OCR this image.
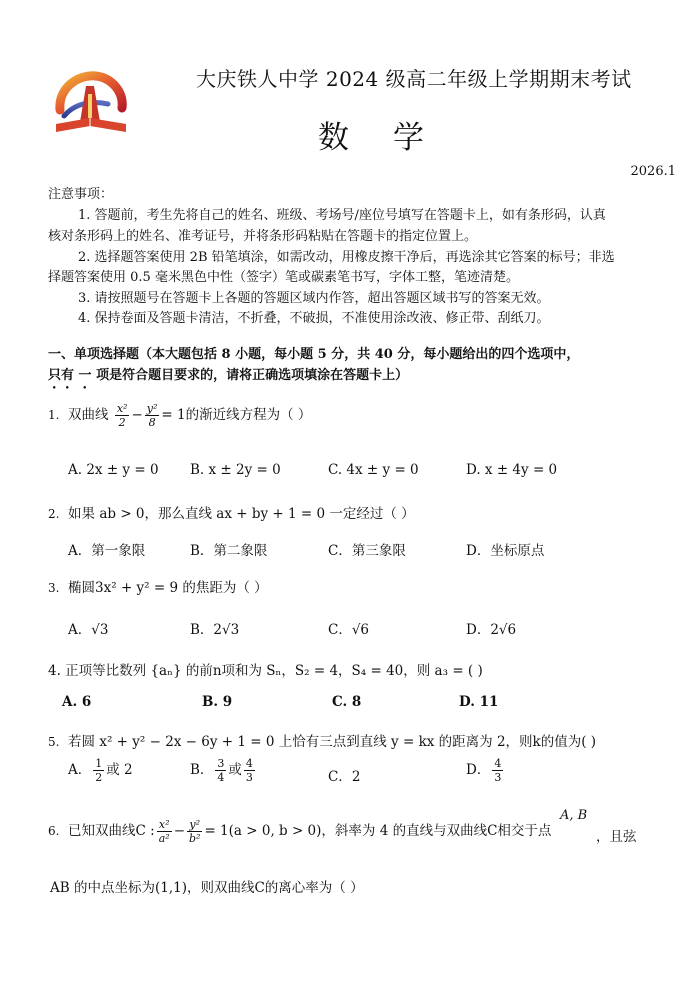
大庆铁人中学 2024 级高二年级上学期期末考试
数学
2026.1
注意事项：
1. 答题前，考生先将自己的姓名、班级、考场号/座位号填写在答题卡上，如有条形码，认真
核对条形码上的姓名、准考证号，并将条形码粘贴在答题卡的指定位置上。
2. 选择题答案使用 2B 铅笔填涂，如需改动，用橡皮擦干净后，再选涂其它答案的标号；非选
择题答案使用 0.5 毫米黑色中性（签字）笔或碳素笔书写，字体工整，笔迹清楚。
3. 请按照题号在答题卡上各题的答题区域内作答，超出答题区域书写的答案无效。
4. 保持卷面及答题卡清洁，不折叠，不破损，不准使用涂改液、修正带、刮纸刀。
一、单项选择题（本大题包括 8 小题，每小题 5 分，共 40 分，每小题给出的四个选项中，
只有 一 项是符合题目要求的，请将正确选项填涂在答题卡上）
1. 双曲线 $\frac{\text{x²}}{2} - \frac{\text{y²}}{8} = 1$的渐近线方程为（ ）
A. 2x ± y = 0 B. x ± 2y = 0	C. 4x ± y = 0	D. x ± 4y = 0
2. 如果 ab > 0，那么直线 ax + by + 1 = 0 一定经过（ ）
A．第一象限	B．第二象限	C．第三象限	D．坐标原点
3. 椭圆3x² + y² = 9 的焦距为（ ）
A．√3	B．2√3	C．√6	D．2√6
4. 正项等比数列 {aₙ} 的前n项和为 Sₙ，S₂ = 4，S₄ = 40，则 a₃ = ( )
A. 6	B. 9	C. 8	D. 11
5. 若圆 x² + y² − 2x − 6y + 1 = 0 上恰有三点到直线 y = kx 的距离为 2，则k的值为( )
A． $\frac{1}{2}$ 或 2	B． $\frac{3}{4}$ 或 $\frac{4}{3}$	C．2	D． $\frac{4}{3}$
6. 已知双曲线C : $\frac{\text{x²}}{\text{a²}} - \frac{\text{y²}}{\text{b²}} = 1(a > 0$, b > 0)，斜率为 4 的直线与双曲线C相交于点
A, B
，且弦
AB 的中点坐标为(1,1)，则双曲线C的离心率为（ ）
